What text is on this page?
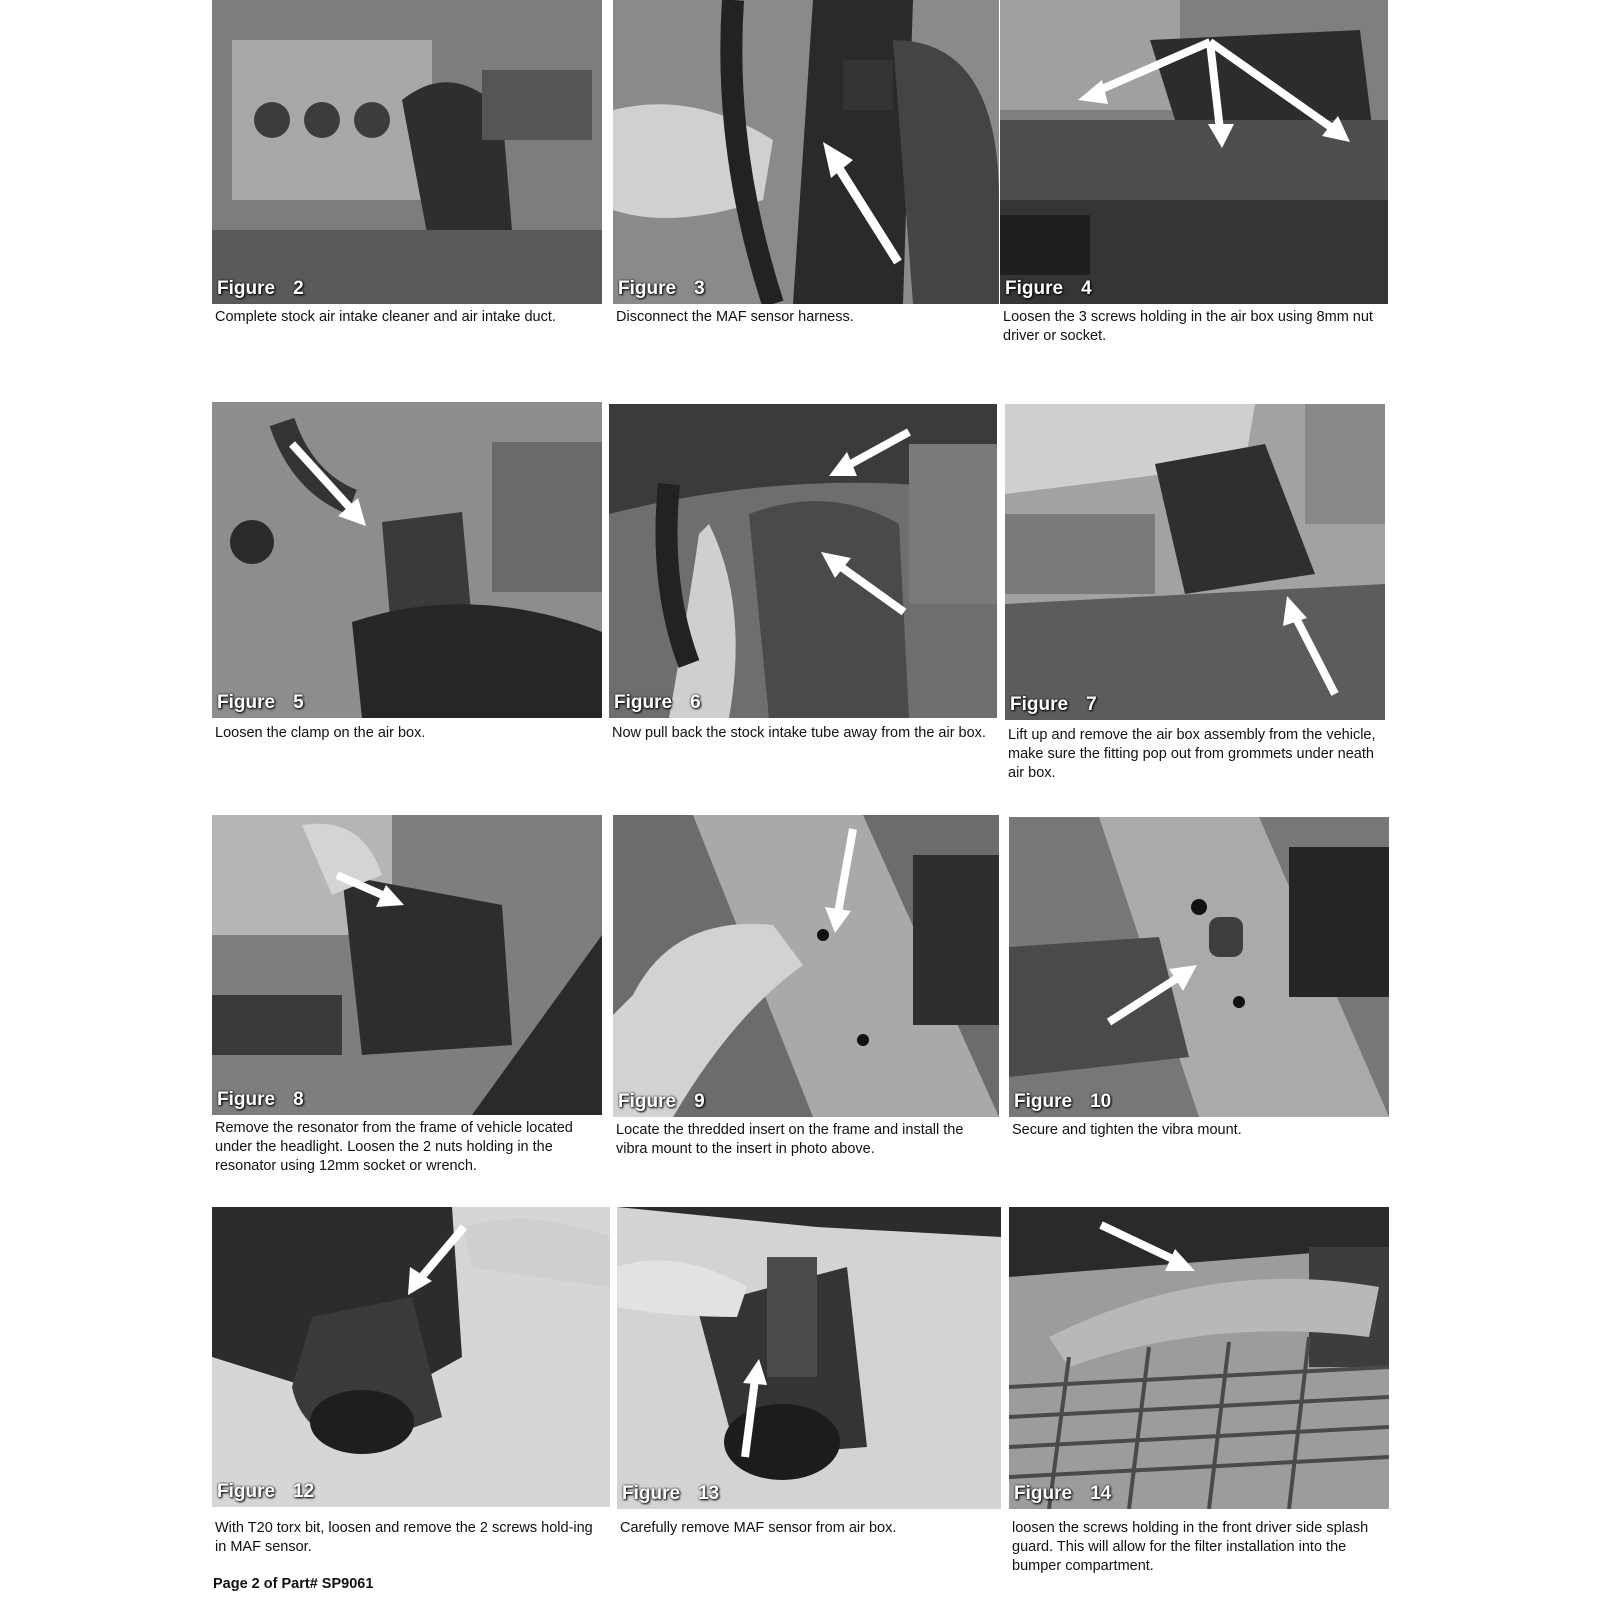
Figure 2
Complete stock air intake cleaner and air intake duct.
Figure 3
Disconnect the MAF sensor harness.
Figure 4
Loosen the 3 screws holding in the air box using 8mm nut driver or socket.
Figure 5
Loosen the clamp on the air box.
Figure 6
Now pull back the stock intake tube away from the air box.
Figure 7
Lift up and remove the air box assembly from the vehicle, make sure the fitting pop out from grommets under neath air box.
Figure 8
Remove the resonator from the frame of vehicle located under the headlight. Loosen the 2 nuts holding in the resonator using 12mm socket or wrench.
Figure 9
Locate the thredded insert on the frame and install the vibra mount to the insert in photo above.
Figure 10
Secure and tighten the vibra mount.
Figure 12
With T20 torx bit, loosen and remove the 2 screws hold-ing in MAF sensor.
Figure 13
Carefully remove MAF sensor from air box.
Figure 14
loosen the screws holding in the front driver side splash guard. This will allow for the filter installation into the bumper compartment.
Page 2 of Part# SP9061
